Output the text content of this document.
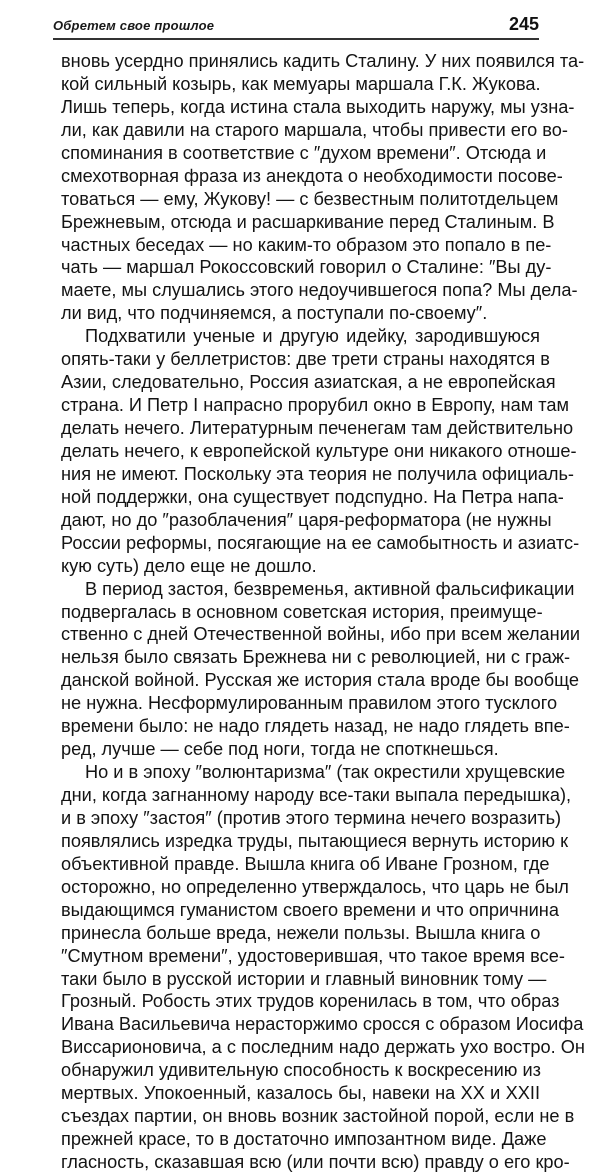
Обретем свое прошлое	245
вновь усердно принялись кадить Сталину. У них появился та-
кой сильный козырь, как мемуары маршала Г.К. Жукова.
Лишь теперь, когда истина стала выходить наружу, мы узна-
ли, как давили на старого маршала, чтобы привести его во-
споминания в соответствие с ″духом времени″. Отсюда и
смехотворная фраза из анекдота о необходимости посове-
товаться — ему, Жукову! — с безвестным политотдельцем
Брежневым, отсюда и расшаркивание перед Сталиным. В
частных беседах — но каким-то образом это попало в пе-
чать — маршал Рокоссовский говорил о Сталине: ″Вы ду-
маете, мы слушались этого недоучившегося попа? Мы дела-
ли вид, что подчиняемся, а поступали по-своему″.
Подхватили ученые и другую идейку, зародившуюся
опять-таки у беллетристов: две трети страны находятся в
Азии, следовательно, Россия азиатская, а не европейская
страна. И Петр I напрасно прорубил окно в Европу, нам там
делать нечего. Литературным печенегам там действительно
делать нечего, к европейской культуре они никакого отноше-
ния не имеют. Поскольку эта теория не получила официаль-
ной поддержки, она существует подспудно. На Петра напа-
дают, но до ″разоблачения″ царя-реформатора (не нужны
России реформы, посягающие на ее самобытность и азиатс-
кую суть) дело еще не дошло.
В период застоя, безвременья, активной фальсификации
подвергалась в основном советская история, преимуще-
ственно с дней Отечественной войны, ибо при всем желании
нельзя было связать Брежнева ни с революцией, ни с граж-
данской войной. Русская же история стала вроде бы вообще
не нужна. Несформулированным правилом этого тусклого
времени было: не надо глядеть назад, не надо глядеть впе-
ред, лучше — себе под ноги, тогда не споткнешься.
Но и в эпоху ″волюнтаризма″ (так окрестили хрущевские
дни, когда загнанному народу все-таки выпала передышка),
и в эпоху ″застоя″ (против этого термина нечего возразить)
появлялись изредка труды, пытающиеся вернуть историю к
объективной правде. Вышла книга об Иване Грозном, где
осторожно, но определенно утверждалось, что царь не был
выдающимся гуманистом своего времени и что опричнина
принесла больше вреда, нежели пользы. Вышла книга о
″Смутном времени″, удостоверившая, что такое время все-
таки было в русской истории и главный виновник тому —
Грозный. Робость этих трудов коренилась в том, что образ
Ивана Васильевича нерасторжимо сросся с образом Иосифа
Виссарионовича, а с последним надо держать ухо востро. Он
обнаружил удивительную способность к воскресению из
мертвых. Упокоенный, казалось бы, навеки на XX и XXII
съездах партии, он вновь возник застойной порой, если не в
прежней красе, то в достаточно импозантном виде. Даже
гласность, сказавшая всю (или почти всю) правду о его кро-
